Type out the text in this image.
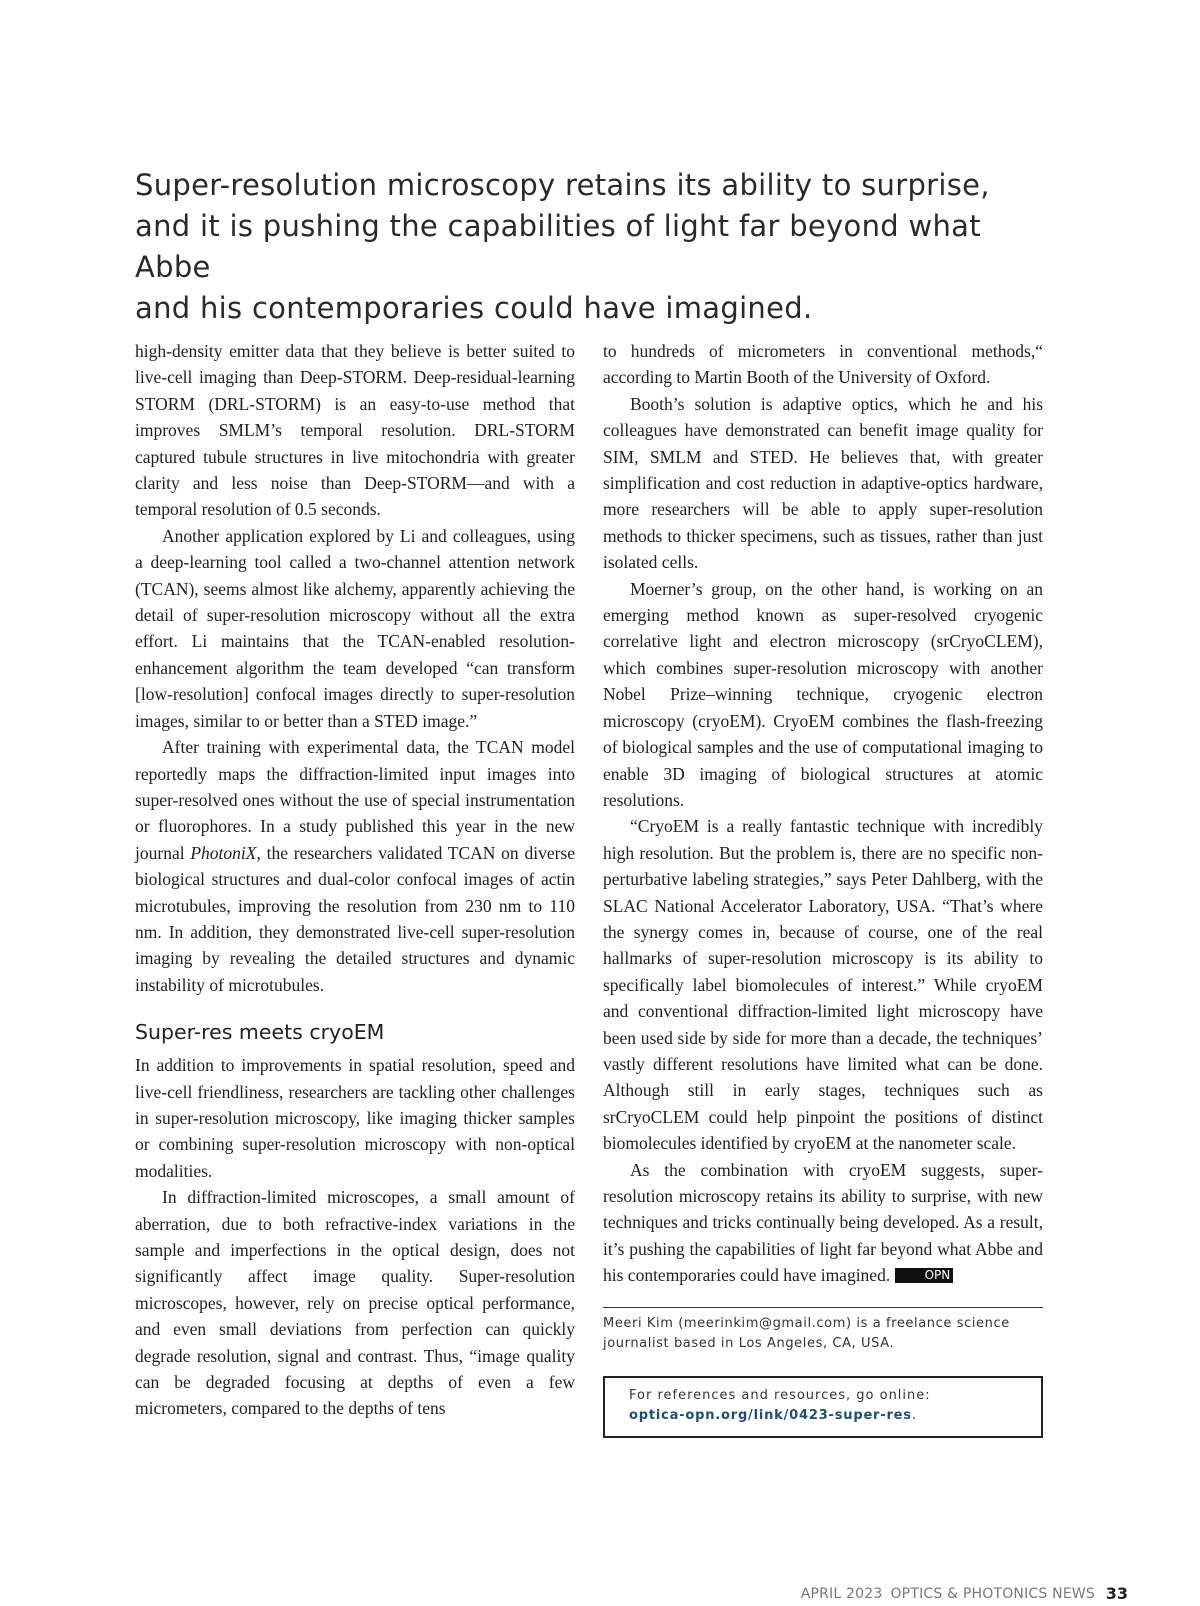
Super-resolution microscopy retains its ability to surprise,
and it is pushing the capabilities of light far beyond what Abbe
and his contemporaries could have imagined.

high-density emitter data that they believe is better suited to live-cell imaging than Deep-STORM. Deep-residual-learning STORM (DRL-STORM) is an easy-to-use method that improves SMLM’s temporal resolution. DRL-STORM captured tubule structures in live mitochondria with greater clarity and less noise than Deep-STORM—and with a temporal resolution of 0.5 seconds.

Another application explored by Li and colleagues, using a deep-learning tool called a two-channel attention network (TCAN), seems almost like alchemy, apparently achieving the detail of super-resolution microscopy without all the extra effort. Li maintains that the TCAN-enabled resolution-enhancement algorithm the team developed “can transform [low-resolution] confocal images directly to super-resolution images, similar to or better than a STED image.”

After training with experimental data, the TCAN model reportedly maps the diffraction-limited input images into super-resolved ones without the use of special instrumentation or fluorophores. In a study published this year in the new journal PhotoniX, the researchers validated TCAN on diverse biological structures and dual-color confocal images of actin microtubules, improving the resolution from 230 nm to 110 nm. In addition, they demonstrated live-cell super-resolution imaging by revealing the detailed structures and dynamic instability of microtubules.

Super-res meets cryoEM

In addition to improvements in spatial resolution, speed and live-cell friendliness, researchers are tackling other challenges in super-resolution microscopy, like imaging thicker samples or combining super-resolution microscopy with non-optical modalities.

In diffraction-limited microscopes, a small amount of aberration, due to both refractive-index variations in the sample and imperfections in the optical design, does not significantly affect image quality. Super-resolution microscopes, however, rely on precise optical performance, and even small deviations from perfection can quickly degrade resolution, signal and contrast. Thus, “image quality can be degraded focusing at depths of even a few micrometers, compared to the depths of tens

to hundreds of micrometers in conventional methods,“ according to Martin Booth of the University of Oxford.

Booth’s solution is adaptive optics, which he and his colleagues have demonstrated can benefit image quality for SIM, SMLM and STED. He believes that, with greater simplification and cost reduction in adaptive-optics hardware, more researchers will be able to apply super-resolution methods to thicker specimens, such as tissues, rather than just isolated cells.

Moerner’s group, on the other hand, is working on an emerging method known as super-resolved cryogenic correlative light and electron microscopy (srCryoCLEM), which combines super-resolution microscopy with another Nobel Prize–winning technique, cryogenic electron microscopy (cryoEM). CryoEM combines the flash-freezing of biological samples and the use of computational imaging to enable 3D imaging of biological structures at atomic resolutions.

“CryoEM is a really fantastic technique with incredibly high resolution. But the problem is, there are no specific non-perturbative labeling strategies,” says Peter Dahlberg, with the SLAC National Accelerator Laboratory, USA. “That’s where the synergy comes in, because of course, one of the real hallmarks of super-resolution microscopy is its ability to specifically label biomolecules of interest.” While cryoEM and conventional diffraction-limited light microscopy have been used side by side for more than a decade, the techniques’ vastly different resolutions have limited what can be done. Although still in early stages, techniques such as srCryoCLEM could help pinpoint the positions of distinct biomolecules identified by cryoEM at the nanometer scale.

As the combination with cryoEM suggests, super-resolution microscopy retains its ability to surprise, with new techniques and tricks continually being developed. As a result, it’s pushing the capabilities of light far beyond what Abbe and his contemporaries could have imagined.	OPN

Meeri Kim (meerinkim@gmail.com) is a freelance science journalist based in Los Angeles, CA, USA.
For references and resources, go online:
optica-opn.org/link/0423-super-res.
APRIL 2023 OPTICS & PHOTONICS NEWS 33
